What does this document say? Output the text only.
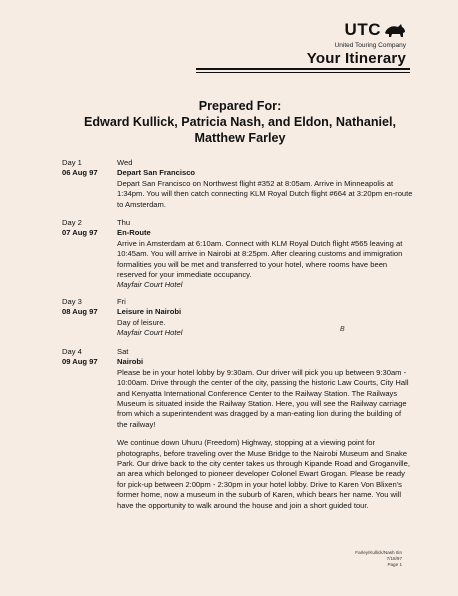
UTC
United Touring Company
Your Itinerary
Prepared For:
Edward Kullick, Patricia Nash, and Eldon, Nathaniel,
Matthew Farley
Day 1
06 Aug 97
Wed
Depart San Francisco

Depart San Francisco on Northwest flight #352 at 8:05am. Arrive in Minneapolis at 1:34pm. You will then catch connecting KLM Royal Dutch flight #664 at 3:20pm en-route to Amsterdam.

Day 2
07 Aug 97
Thu
En-Route

Arrive in Amsterdam at 6:10am. Connect with KLM Royal Dutch flight #565 leaving at 10:45am. You will arrive in Nairobi at 8:25pm. After clearing customs and immigration formalities you will be met and transferred to your hotel, where rooms have been reserved for your immediate occupancy.

Mayfair Court Hotel
Day 3
08 Aug 97
Fri
Leisure in Nairobi

Day of leisure.

Mayfair Court Hotel	B
Day 4
09 Aug 97
Sat
Nairobi

Please be in your hotel lobby by 9:30am. Our driver will pick you up between 9:30am - 10:00am. Drive through the center of the city, passing the historic Law Courts, City Hall and Kenyatta International Conference Center to the Railway Station. The Railways Museum is situated inside the Railway Station. Here, you will see the Railway carriage from which a superintendent was dragged by a man-eating lion during the building of the railway!

We continue down Uhuru (Freedom) Highway, stopping at a viewing point for photographs, before traveling over the Muse Bridge to the Nairobi Museum and Snake Park. Our drive back to the city center takes us through Kipande Road and Groganville, an area which belonged to pioneer developer Colonel Ewart Grogan. Please be ready for pick-up between 2:00pm - 2:30pm in your hotel lobby. Drive to Karen Von Blixen's former home, now a museum in the suburb of Karen, which bears her name. You will have the opportunity to walk around the house and join a short guided tour.

Farley/Kullick/Nash Itin
7/18/97
Page 1
